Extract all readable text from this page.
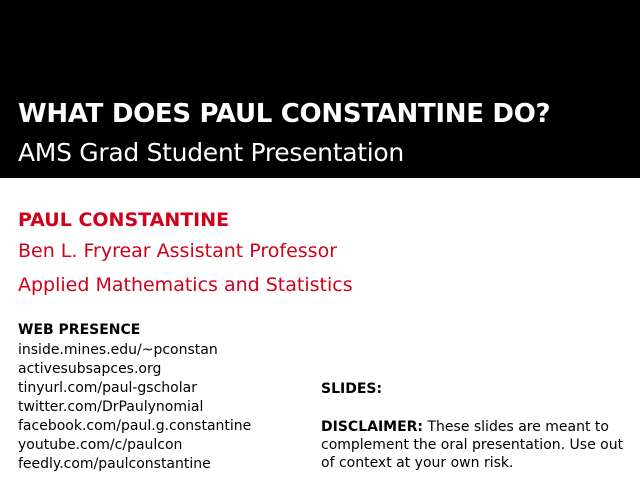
WHAT DOES PAUL CONSTANTINE DO?
AMS Grad Student Presentation
PAUL CONSTANTINE
Ben L. Fryrear Assistant Professor
Applied Mathematics and Statistics
WEB PRESENCE
inside.mines.edu/~pconstan
activesubsapces.org
tinyurl.com/paul-gscholar
twitter.com/DrPaulynomial
facebook.com/paul.g.constantine
youtube.com/c/paulcon
feedly.com/paulconstantine
SLIDES:
DISCLAIMER: These slides are meant to complement the oral presentation. Use out of context at your own risk.
